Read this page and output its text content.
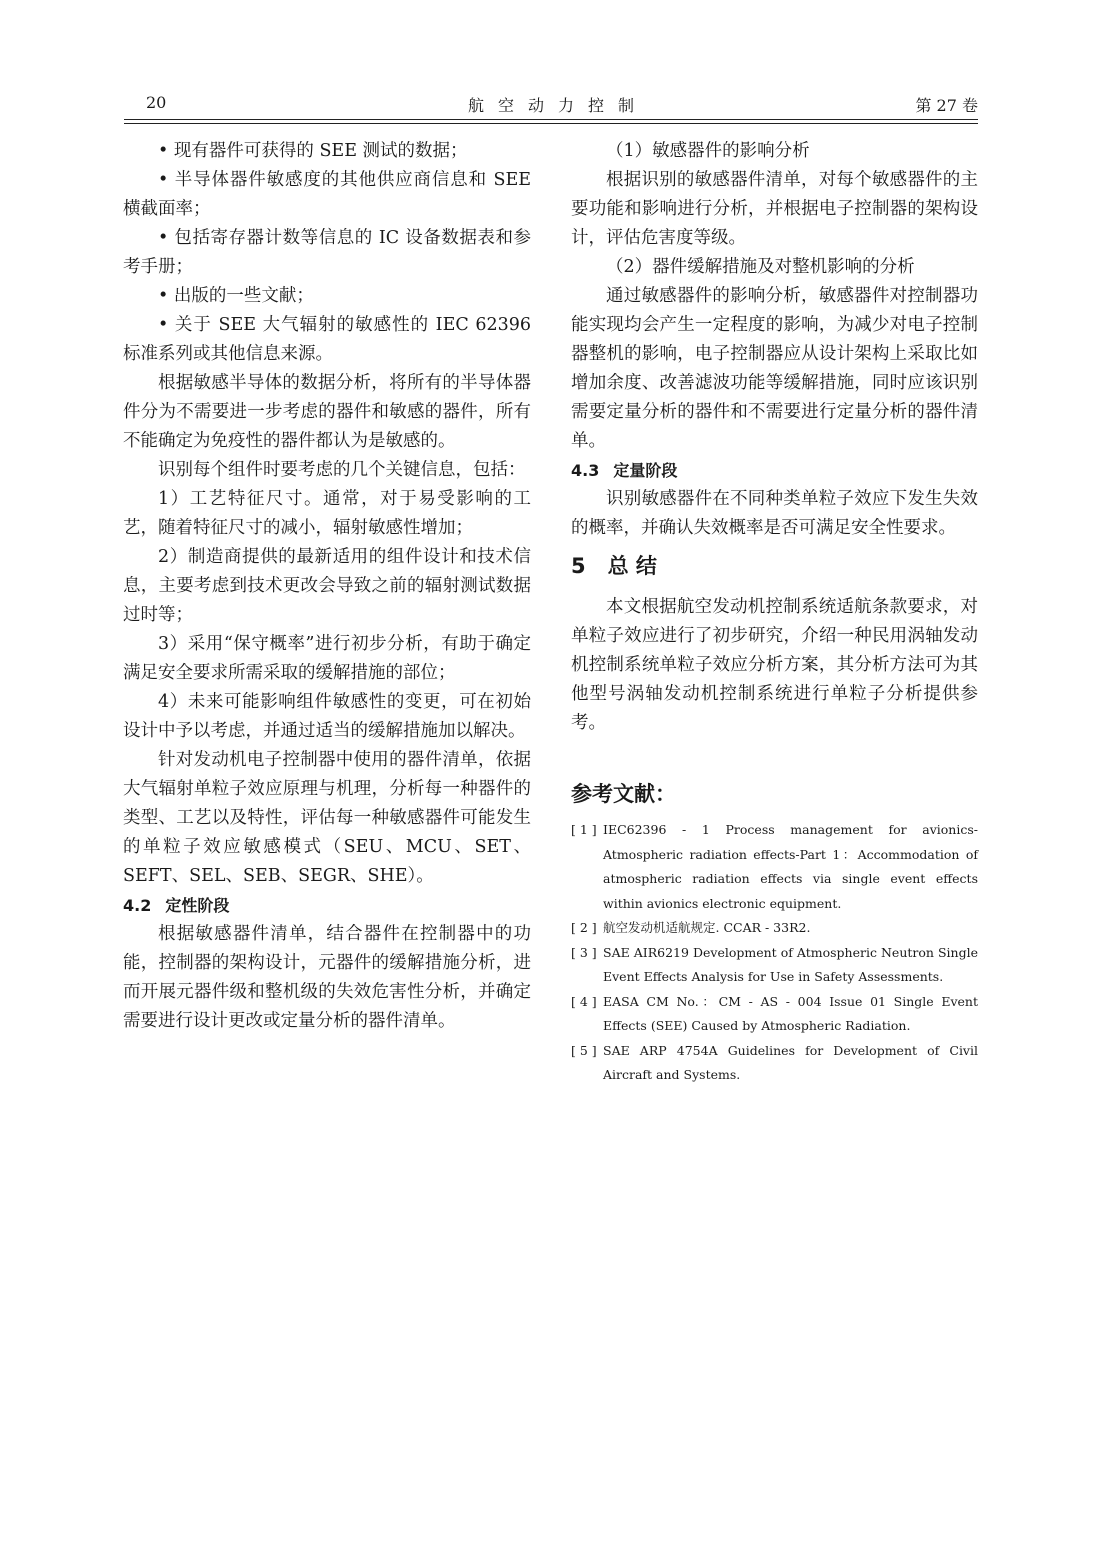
20	航空动力控制	第 27 卷

• 现有器件可获得的 SEE 测试的数据；

• 半导体器件敏感度的其他供应商信息和 SEE 横截面率；

• 包括寄存器计数等信息的 IC 设备数据表和参考手册；

• 出版的一些文献；

• 关于 SEE 大气辐射的敏感性的 IEC 62396 标准系列或其他信息来源。

根据敏感半导体的数据分析，将所有的半导体器件分为不需要进一步考虑的器件和敏感的器件，所有不能确定为免疫性的器件都认为是敏感的。

识别每个组件时要考虑的几个关键信息，包括：

1）工艺特征尺寸。通常，对于易受影响的工艺，随着特征尺寸的减小，辐射敏感性增加；

2）制造商提供的最新适用的组件设计和技术信息，主要考虑到技术更改会导致之前的辐射测试数据过时等；

3）采用“保守概率”进行初步分析，有助于确定满足安全要求所需采取的缓解措施的部位；

4）未来可能影响组件敏感性的变更，可在初始设计中予以考虑，并通过适当的缓解措施加以解决。

针对发动机电子控制器中使用的器件清单，依据大气辐射单粒子效应原理与机理，分析每一种器件的类型、工艺以及特性，评估每一种敏感器件可能发生的单粒子效应敏感模式（SEU、MCU、SET、SEFT、SEL、SEB、SEGR、SHE）。

4.2 定性阶段

根据敏感器件清单，结合器件在控制器中的功能，控制器的架构设计，元器件的缓解措施分析，进而开展元器件级和整机级的失效危害性分析，并确定需要进行设计更改或定量分析的器件清单。

（1）敏感器件的影响分析

根据识别的敏感器件清单，对每个敏感器件的主要功能和影响进行分析，并根据电子控制器的架构设计，评估危害度等级。

（2）器件缓解措施及对整机影响的分析

通过敏感器件的影响分析，敏感器件对控制器功能实现均会产生一定程度的影响，为减少对电子控制器整机的影响，电子控制器应从设计架构上采取比如增加余度、改善滤波功能等缓解措施，同时应该识别需要定量分析的器件和不需要进行定量分析的器件清单。

4.3 定量阶段

识别敏感器件在不同种类单粒子效应下发生失效的概率，并确认失效概率是否可满足安全性要求。

5 总 结

本文根据航空发动机控制系统适航条款要求，对单粒子效应进行了初步研究，介绍一种民用涡轴发动机控制系统单粒子效应分析方案，其分析方法可为其他型号涡轴发动机控制系统进行单粒子分析提供参考。

参考文献：
[ 1 ] IEC62396 - 1 Process management for avionics-Atmospheric radiation effects-Part 1：Accommodation of atmospheric radiation effects via single event effects within avionics electronic equipment.
[ 2 ] 航空发动机适航规定. CCAR - 33R2.
[ 3 ] SAE AIR6219 Development of Atmospheric Neutron Single Event Effects Analysis for Use in Safety Assessments.
[ 4 ] EASA CM No.：CM - AS - 004 Issue 01 Single Event Effects (SEE) Caused by Atmospheric Radiation.
[ 5 ] SAE ARP 4754A Guidelines for Development of Civil Aircraft and Systems.
